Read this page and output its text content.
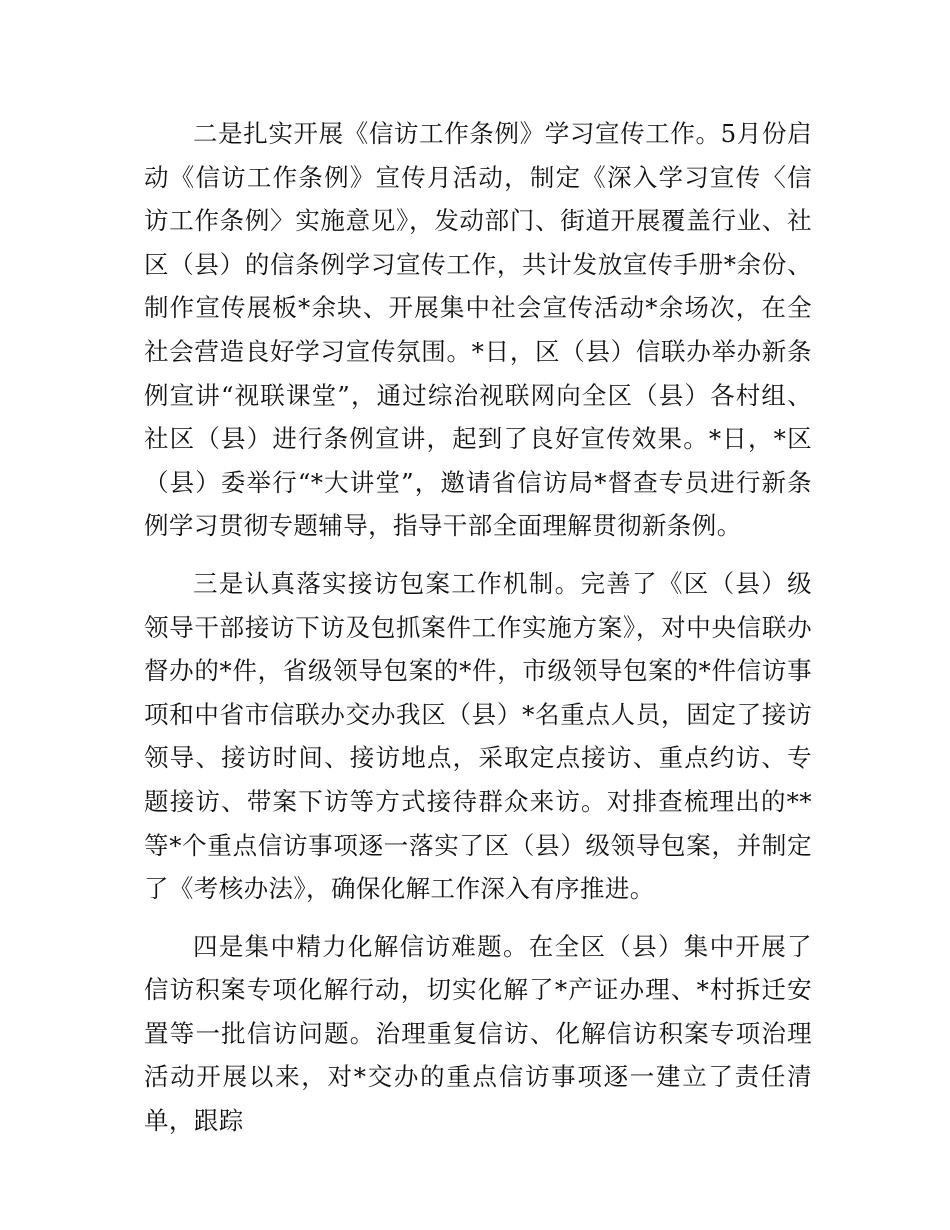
二是扎实开展《信访工作条例》学习宣传工作。5月份启动《信访工作条例》宣传月活动，制定《深入学习宣传〈信访工作条例〉实施意见》，发动部门、街道开展覆盖行业、社区（县）的信条例学习宣传工作，共计发放宣传手册*余份、制作宣传展板*余块、开展集中社会宣传活动*余场次，在全社会营造良好学习宣传氛围。*日，区（县）信联办举办新条例宣讲“视联课堂”，通过综治视联网向全区（县）各村组、社区（县）进行条例宣讲，起到了良好宣传效果。*日，*区（县）委举行“*大讲堂”，邀请省信访局*督查专员进行新条例学习贯彻专题辅导，指导干部全面理解贯彻新条例。

三是认真落实接访包案工作机制。完善了《区（县）级领导干部接访下访及包抓案件工作实施方案》，对中央信联办督办的*件，省级领导包案的*件，市级领导包案的*件信访事项和中省市信联办交办我区（县）*名重点人员，固定了接访领导、接访时间、接访地点，采取定点接访、重点约访、专题接访、带案下访等方式接待群众来访。对排查梳理出的**等*个重点信访事项逐一落实了区（县）级领导包案，并制定了《考核办法》，确保化解工作深入有序推进。

四是集中精力化解信访难题。在全区（县）集中开展了信访积案专项化解行动，切实化解了*产证办理、*村拆迁安置等一批信访问题。治理重复信访、化解信访积案专项治理活动开展以来，对*交办的重点信访事项逐一建立了责任清单，跟踪
